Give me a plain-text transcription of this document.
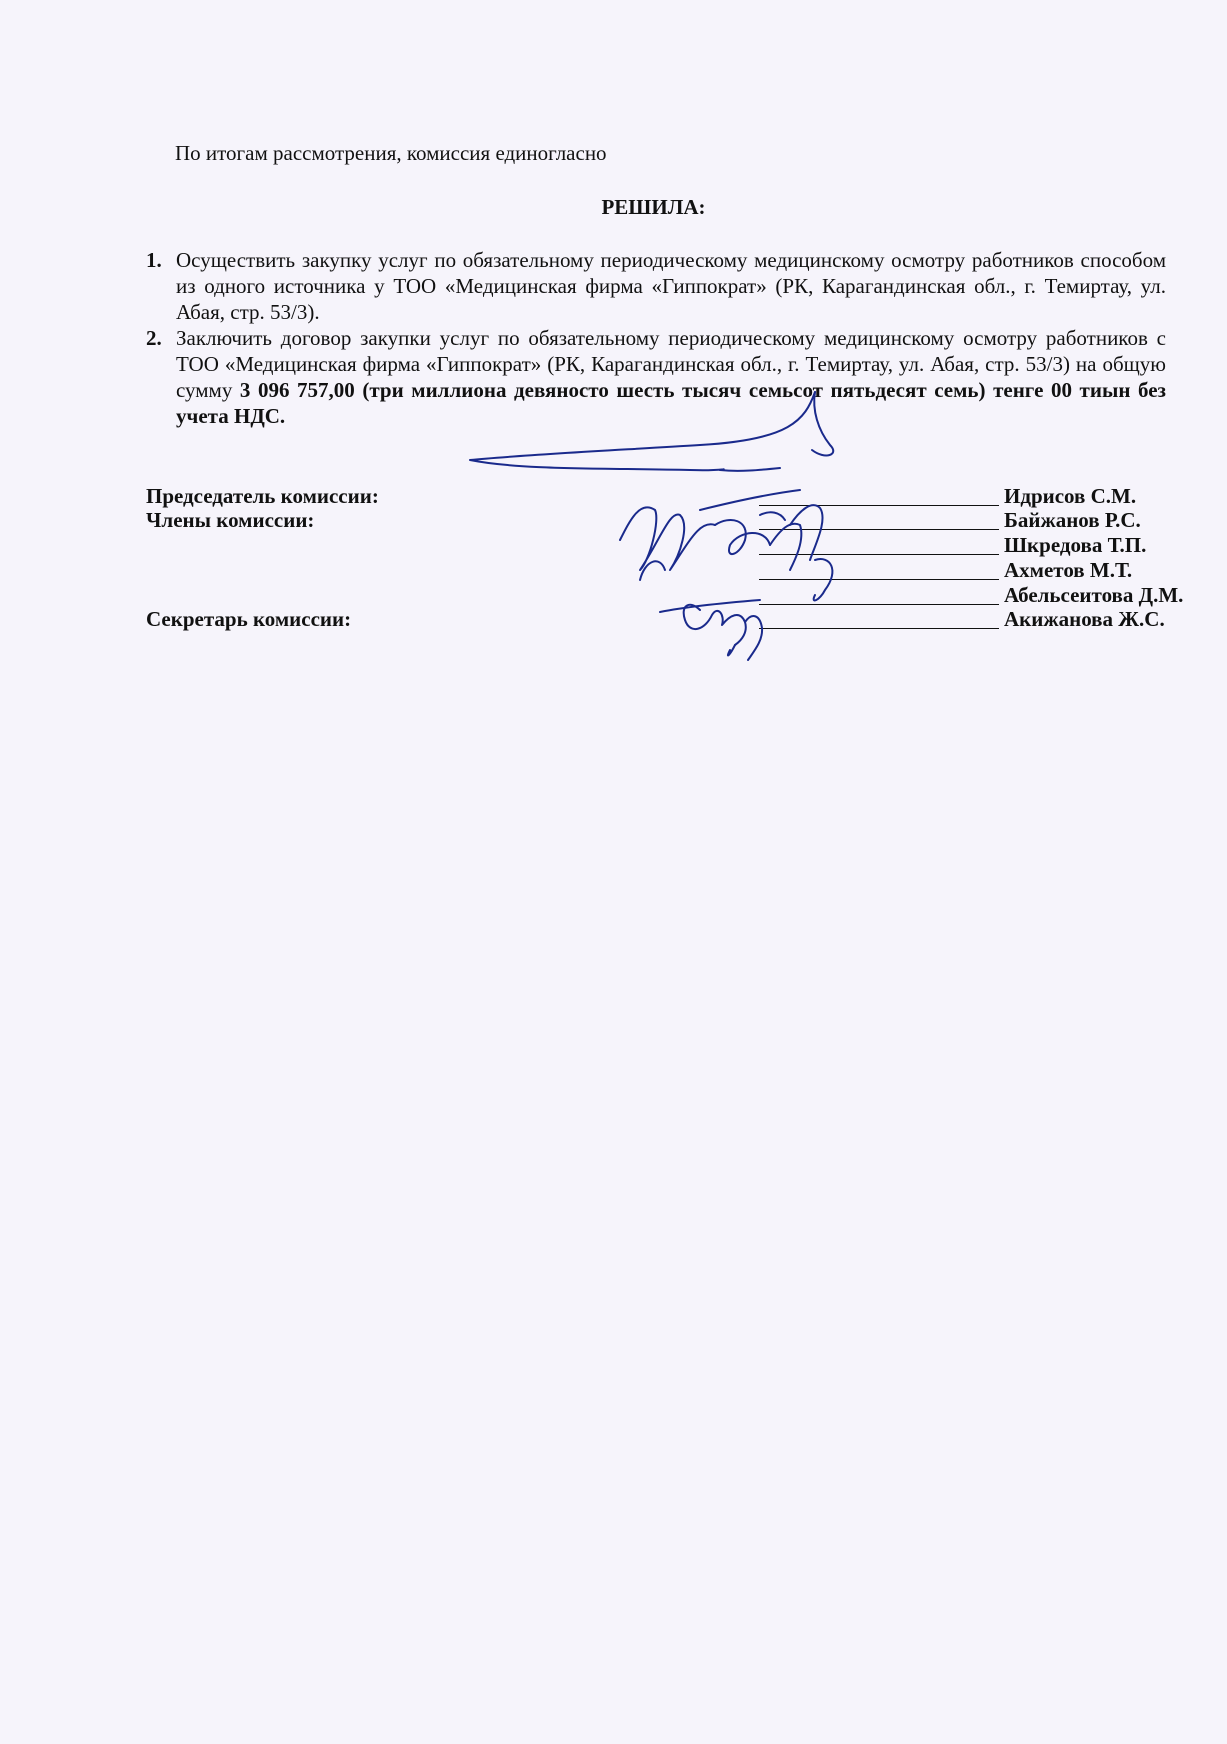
По итогам рассмотрения, комиссия единогласно
РЕШИЛА:
1. Осуществить закупку услуг по обязательному периодическому медицинскому осмотру работников способом из одного источника у ТОО «Медицинская фирма «Гиппократ» (РК, Карагандинская обл., г. Темиртау, ул. Абая, стр. 53/3).
2. Заключить договор закупки услуг по обязательному периодическому медицинскому осмотру работников с ТОО «Медицинская фирма «Гиппократ» (РК, Карагандинская обл., г. Темиртау, ул. Абая, стр. 53/3) на общую сумму 3 096 757,00 (три миллиона девяносто шесть тысяч семьсот пятьдесят семь) тенге 00 тиын без учета НДС.
Председатель комиссии:
Члены комиссии:
Секретарь комиссии:
Идрисов С.М.
Байжанов Р.С.
Шкредова Т.П.
Ахметов М.Т.
Абельсеитова Д.М.
Акижанова Ж.С.
